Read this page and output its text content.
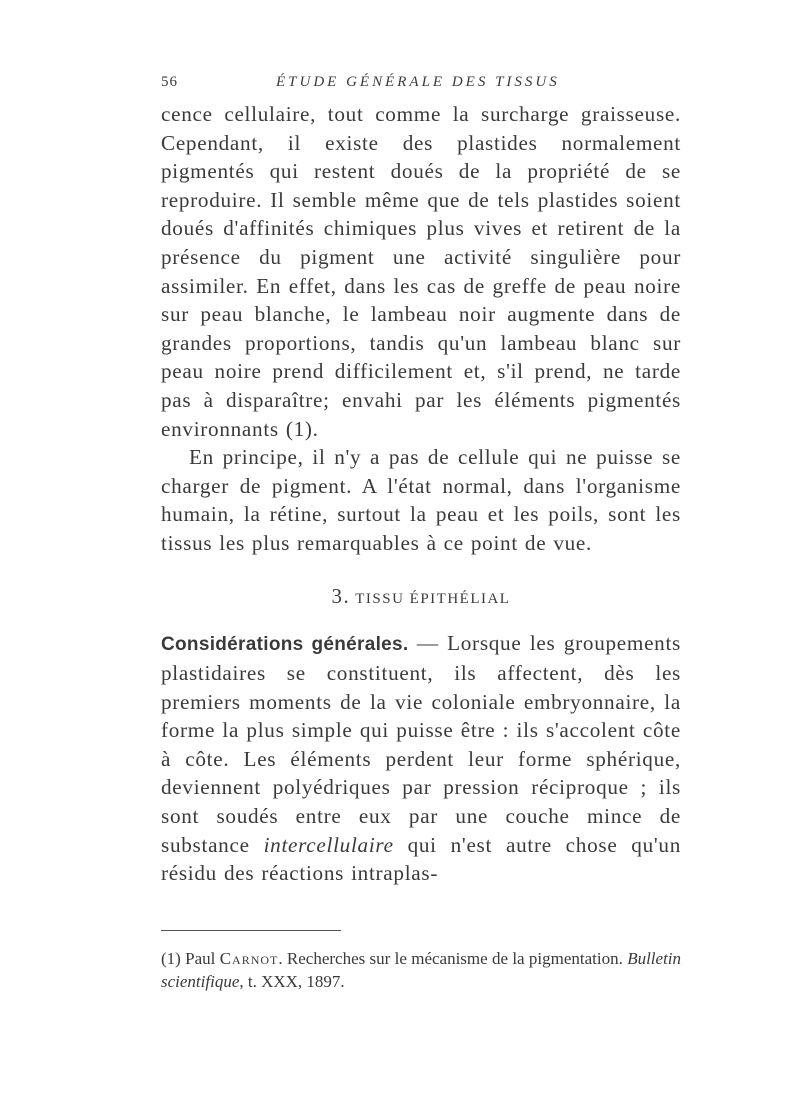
56	ÉTUDE GÉNÉRALE DES TISSUS

cence cellulaire, tout comme la surcharge graisseuse. Cependant, il existe des plastides normalement pigmentés qui restent doués de la propriété de se reproduire. Il semble même que de tels plastides soient doués d'affinités chimiques plus vives et retirent de la présence du pigment une activité singulière pour assimiler. En effet, dans les cas de greffe de peau noire sur peau blanche, le lambeau noir augmente dans de grandes proportions, tandis qu'un lambeau blanc sur peau noire prend difficilement et, s'il prend, ne tarde pas à disparaître; envahi par les éléments pigmentés environnants (1).

En principe, il n'y a pas de cellule qui ne puisse se charger de pigment. A l'état normal, dans l'organisme humain, la rétine, surtout la peau et les poils, sont les tissus les plus remarquables à ce point de vue.

3. TISSU ÉPITHÉLIAL

Considérations générales. — Lorsque les groupements plastidaires se constituent, ils affectent, dès les premiers moments de la vie coloniale embryonnaire, la forme la plus simple qui puisse être : ils s'accolent côte à côte. Les éléments perdent leur forme sphérique, deviennent polyédriques par pression réciproque ; ils sont soudés entre eux par une couche mince de substance intercellulaire qui n'est autre chose qu'un résidu des réactions intraplas-

(1) Paul Carnot. Recherches sur le mécanisme de la pigmentation. Bulletin scientifique, t. XXX, 1897.
